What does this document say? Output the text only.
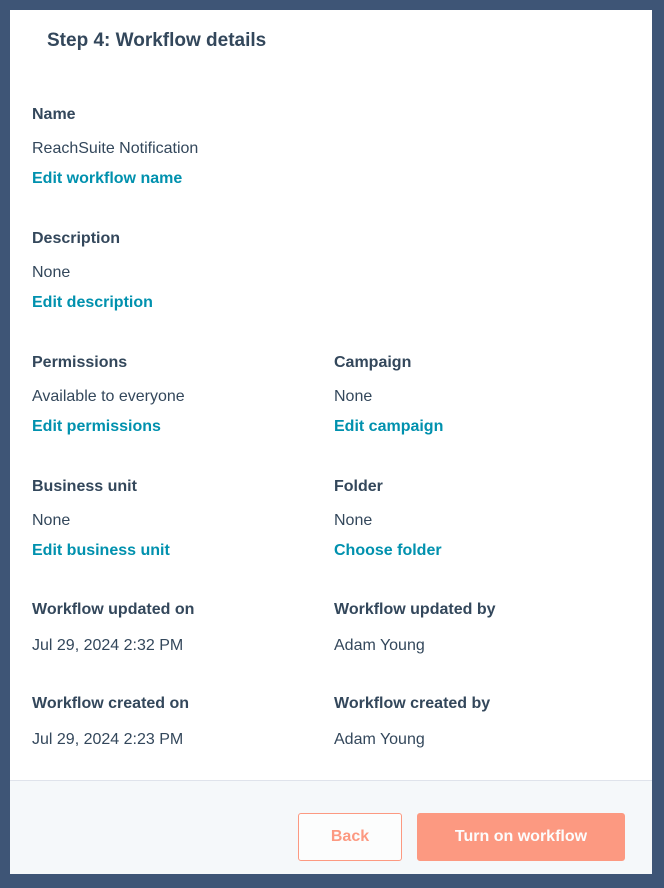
Step 4: Workflow details
Name
ReachSuite Notification
Edit workflow name
Description
None
Edit description
Permissions
Available to everyone
Edit permissions
Campaign
None
Edit campaign
Business unit
None
Edit business unit
Folder
None
Choose folder
Workflow updated on
Jul 29, 2024 2:32 PM
Workflow updated by
Adam Young
Workflow created on
Jul 29, 2024 2:23 PM
Workflow created by
Adam Young
Back	Turn on workflow
